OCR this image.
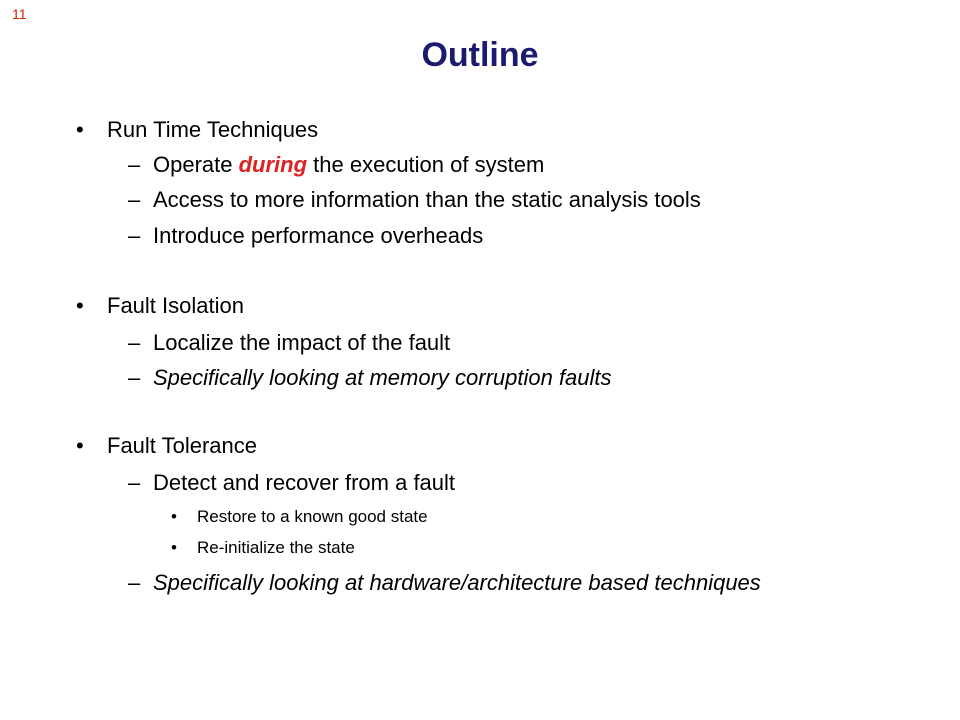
11
Outline
• Run Time Techniques
– Operate during the execution of system
– Access to more information than the static analysis tools
– Introduce performance overheads
• Fault Isolation
– Localize the impact of the fault
– Specifically looking at memory corruption faults
• Fault Tolerance
– Detect and recover from a fault
• Restore to a known good state
• Re-initialize the state
– Specifically looking at hardware/architecture based techniques
